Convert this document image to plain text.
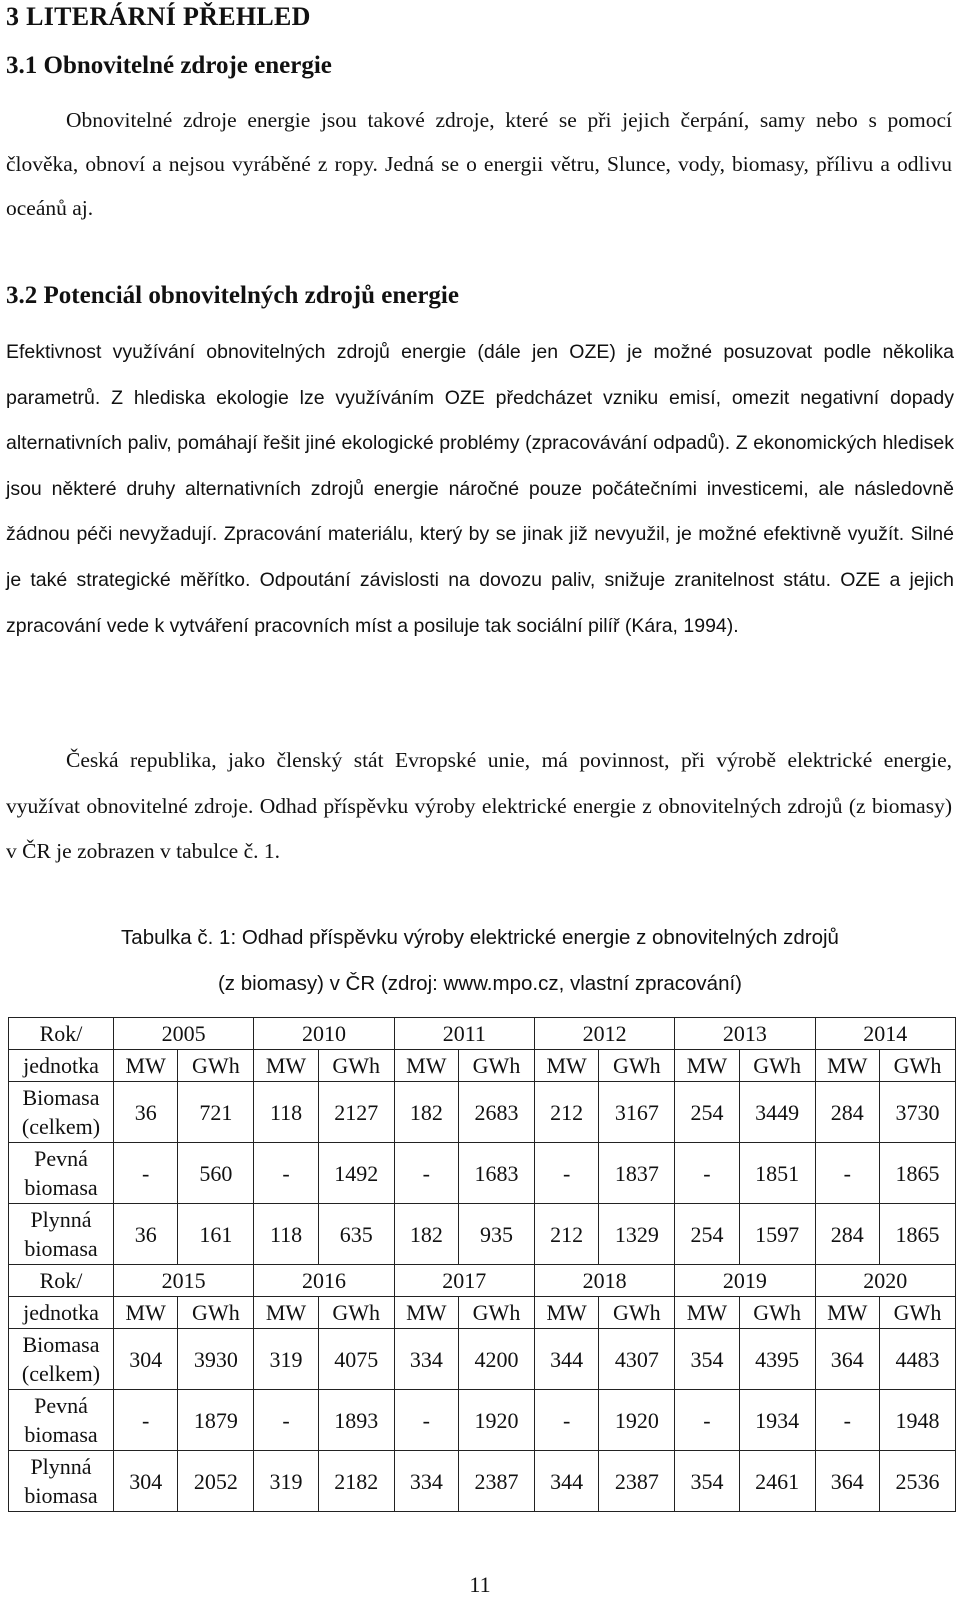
3 LITERÁRNÍ PŘEHLED
3.1 Obnovitelné zdroje energie
Obnovitelné zdroje energie jsou takové zdroje, které se při jejich čerpání, samy nebo s pomocí člověka, obnoví a nejsou vyráběné z ropy. Jedná se o energii větru, Slunce, vody, biomasy, přílivu a odlivu oceánů aj.
3.2 Potenciál obnovitelných zdrojů energie
Efektivnost využívání obnovitelných zdrojů energie (dále jen OZE) je možné posuzovat podle několika parametrů. Z hlediska ekologie lze využíváním OZE předcházet vzniku emisí, omezit negativní dopady alternativních paliv, pomáhají řešit jiné ekologické problémy (zpracovávání odpadů). Z ekonomických hledisek jsou některé druhy alternativních zdrojů energie náročné pouze počátečními investicemi, ale následovně žádnou péči nevyžadují. Zpracování materiálu, který by se jinak již nevyužil, je možné efektivně využít. Silné je také strategické měřítko. Odpoutání závislosti na dovozu paliv, snižuje zranitelnost státu. OZE a jejich zpracování vede k vytváření pracovních míst a posiluje tak sociální pilíř (Kára, 1994).
Česká republika, jako členský stát Evropské unie, má povinnost, při výrobě elektrické energie, využívat obnovitelné zdroje. Odhad příspěvku výroby elektrické energie z obnovitelných zdrojů (z biomasy) v ČR je zobrazen v tabulce č. 1.
Tabulka č. 1: Odhad příspěvku výroby elektrické energie z obnovitelných zdrojů
(z biomasy) v ČR (zdroj: www.mpo.cz, vlastní zpracování)
Rok/	2005		2010		2011		2012		2013		2014	
jednotka	MW	GWh	MW	GWh	MW	GWh	MW	GWh	MW	GWh	MW	GWh

Biomasa
(celkem)	36	721	118	2127	182	2683	212	3167	254	3449	284	3730

Pevná
biomasa	-	560	-	1492	-	1683	-	1837	-	1851	-	1865

Plynná
biomasa	36	161	118	635	182	935	212	1329	254	1597	284	1865
Rok/	2015		2016		2017		2018		2019		2020	
jednotka	MW	GWh	MW	GWh	MW	GWh	MW	GWh	MW	GWh	MW	GWh

Biomasa
(celkem)	304	3930	319	4075	334	4200	344	4307	354	4395	364	4483

Pevná
biomasa	-	1879	-	1893	-	1920	-	1920	-	1934	-	1948

Plynná
biomasa	304	2052	319	2182	334	2387	344	2387	354	2461	364	2536
11
